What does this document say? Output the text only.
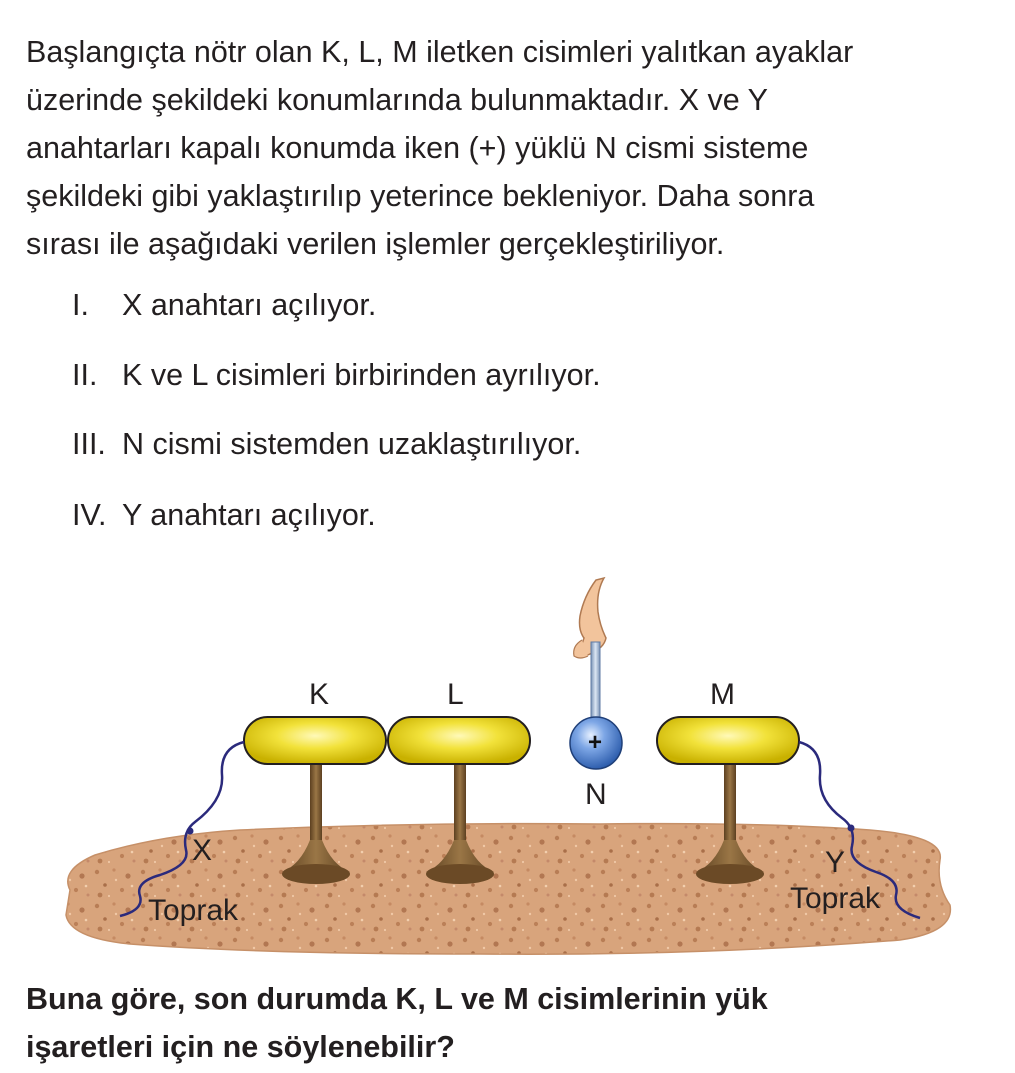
Başlangıçta nötr olan K, L, M iletken cisimleri yalıtkan ayaklar
üzerinde şekildeki konumlarında bulunmaktadır. X ve Y
anahtarları kapalı konumda iken (+) yüklü N cismi sisteme
şekildeki gibi yaklaştırılıp yeterince bekleniyor. Daha sonra
sırası ile aşağıdaki verilen işlemler gerçekleştiriliyor.
I. X anahtarı açılıyor.
II. K ve L cisimleri birbirinden ayrılıyor.
III. N cismi sistemden uzaklaştırılıyor.
IV. Y anahtarı açılıyor.
K	L	M
+
N
X
Toprak
Y
Toprak
Buna göre, son durumda K, L ve M cisimlerinin yük
işaretleri için ne söylenebilir?
